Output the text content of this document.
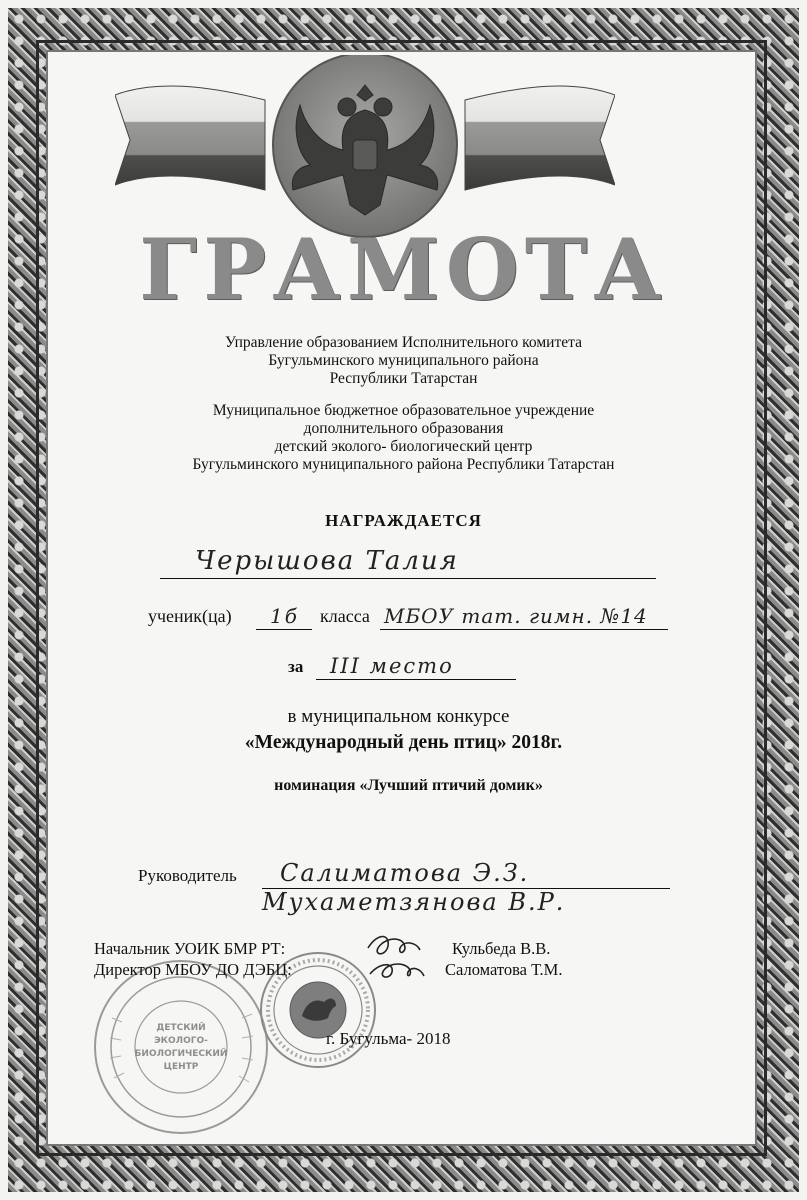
ГРАМОТА
Управление образованием Исполнительного комитета
Бугульминского муниципального района
Республики Татарстан
Муниципальное бюджетное образовательное учреждение
дополнительного образования
детский эколого- биологический центр
Бугульминского муниципального района Республики Татарстан
НАГРАЖДАЕТСЯ
Черышова Талия
ученик(ца) 1б класса МБОУ тат. гимн. №14
за III место
в муниципальном конкурсе
«Международный день птиц» 2018г.
номинация «Лучший птичий домик»
Руководитель Салиматова Э.З.
Мухаметзянова В.Р.
ДЕТСКИЙ
ЭКОЛОГО-
БИОЛОГИЧЕСКИЙ
ЦЕНТР
Начальник УОИК БМР РТ:
Директор МБОУ ДО ДЭБЦ:
Кульбеда В.В.
Саломатова Т.М.
г. Бугульма- 2018
